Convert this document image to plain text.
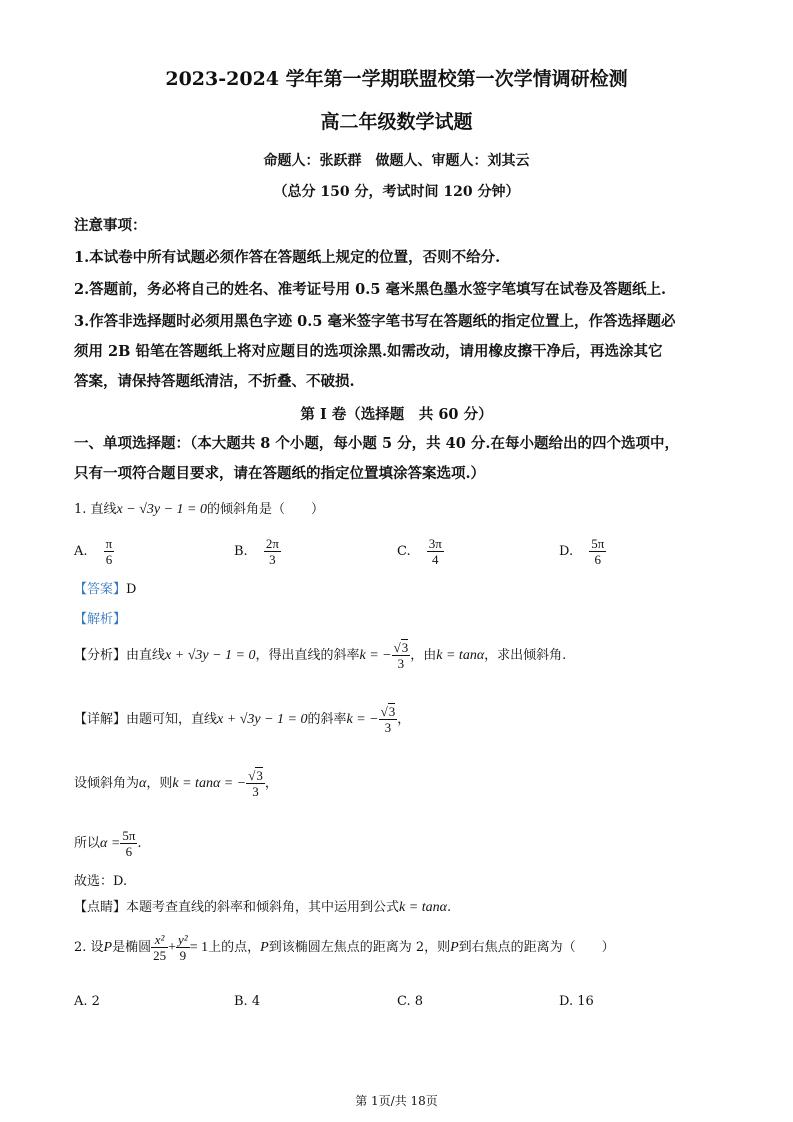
2023-2024 学年第一学期联盟校第一次学情调研检测
高二年级数学试题
命题人：张跃群　做题人、审题人：刘其云
（总分 150 分，考试时间 120 分钟）
注意事项：
1.本试卷中所有试题必须作答在答题纸上规定的位置，否则不给分.
2.答题前，务必将自己的姓名、准考证号用 0.5 毫米黑色墨水签字笔填写在试卷及答题纸上.
3.作答非选择题时必须用黑色字迹 0.5 毫米签字笔书写在答题纸的指定位置上，作答选择题必
须用 2B 铅笔在答题纸上将对应题目的选项涂黑.如需改动，请用橡皮擦干净后，再选涂其它
答案，请保持答题纸清洁，不折叠、不破损.
第 I 卷（选择题　共 60 分）
一、单项选择题：（本大题共 8 个小题，每小题 5 分，共 40 分.在每小题给出的四个选项中，
只有一项符合题目要求，请在答题纸的指定位置填涂答案选项.）
1. 直线x − √3y − 1 = 0的倾斜角是（　　）
A. $\frac{\pi}{6}$	B. $\frac{2\pi}{3}$	C. $\frac{3\pi}{4}$	D. $\frac{5\pi}{6}$
【答案】D
【解析】
【分析】由直线x + √3y − 1 = 0，得出直线的斜率k = − $\frac{√3}{3}$ ，由k = tanα，求出倾斜角.
【详解】由题可知，直线x + √3y − 1 = 0的斜率k = − $\frac{√3}{3}$ ，
设倾斜角为α，则k = tanα = − $\frac{√3}{3}$ ，
所以$\alpha = \frac{5\pi}{6}$ .
故选：D.
【点睛】本题考查直线的斜率和倾斜角，其中运用到公式k = tanα.
2. 设P是椭圆 $\frac{\text{x²}}{25} + \frac{\text{y²}}{9} = 1$上的点，P到该椭圆左焦点的距离为 2，则P到右焦点的距离为（　　）
A. 2	B. 4	C. 8	D. 16
第 1页/共 18页
